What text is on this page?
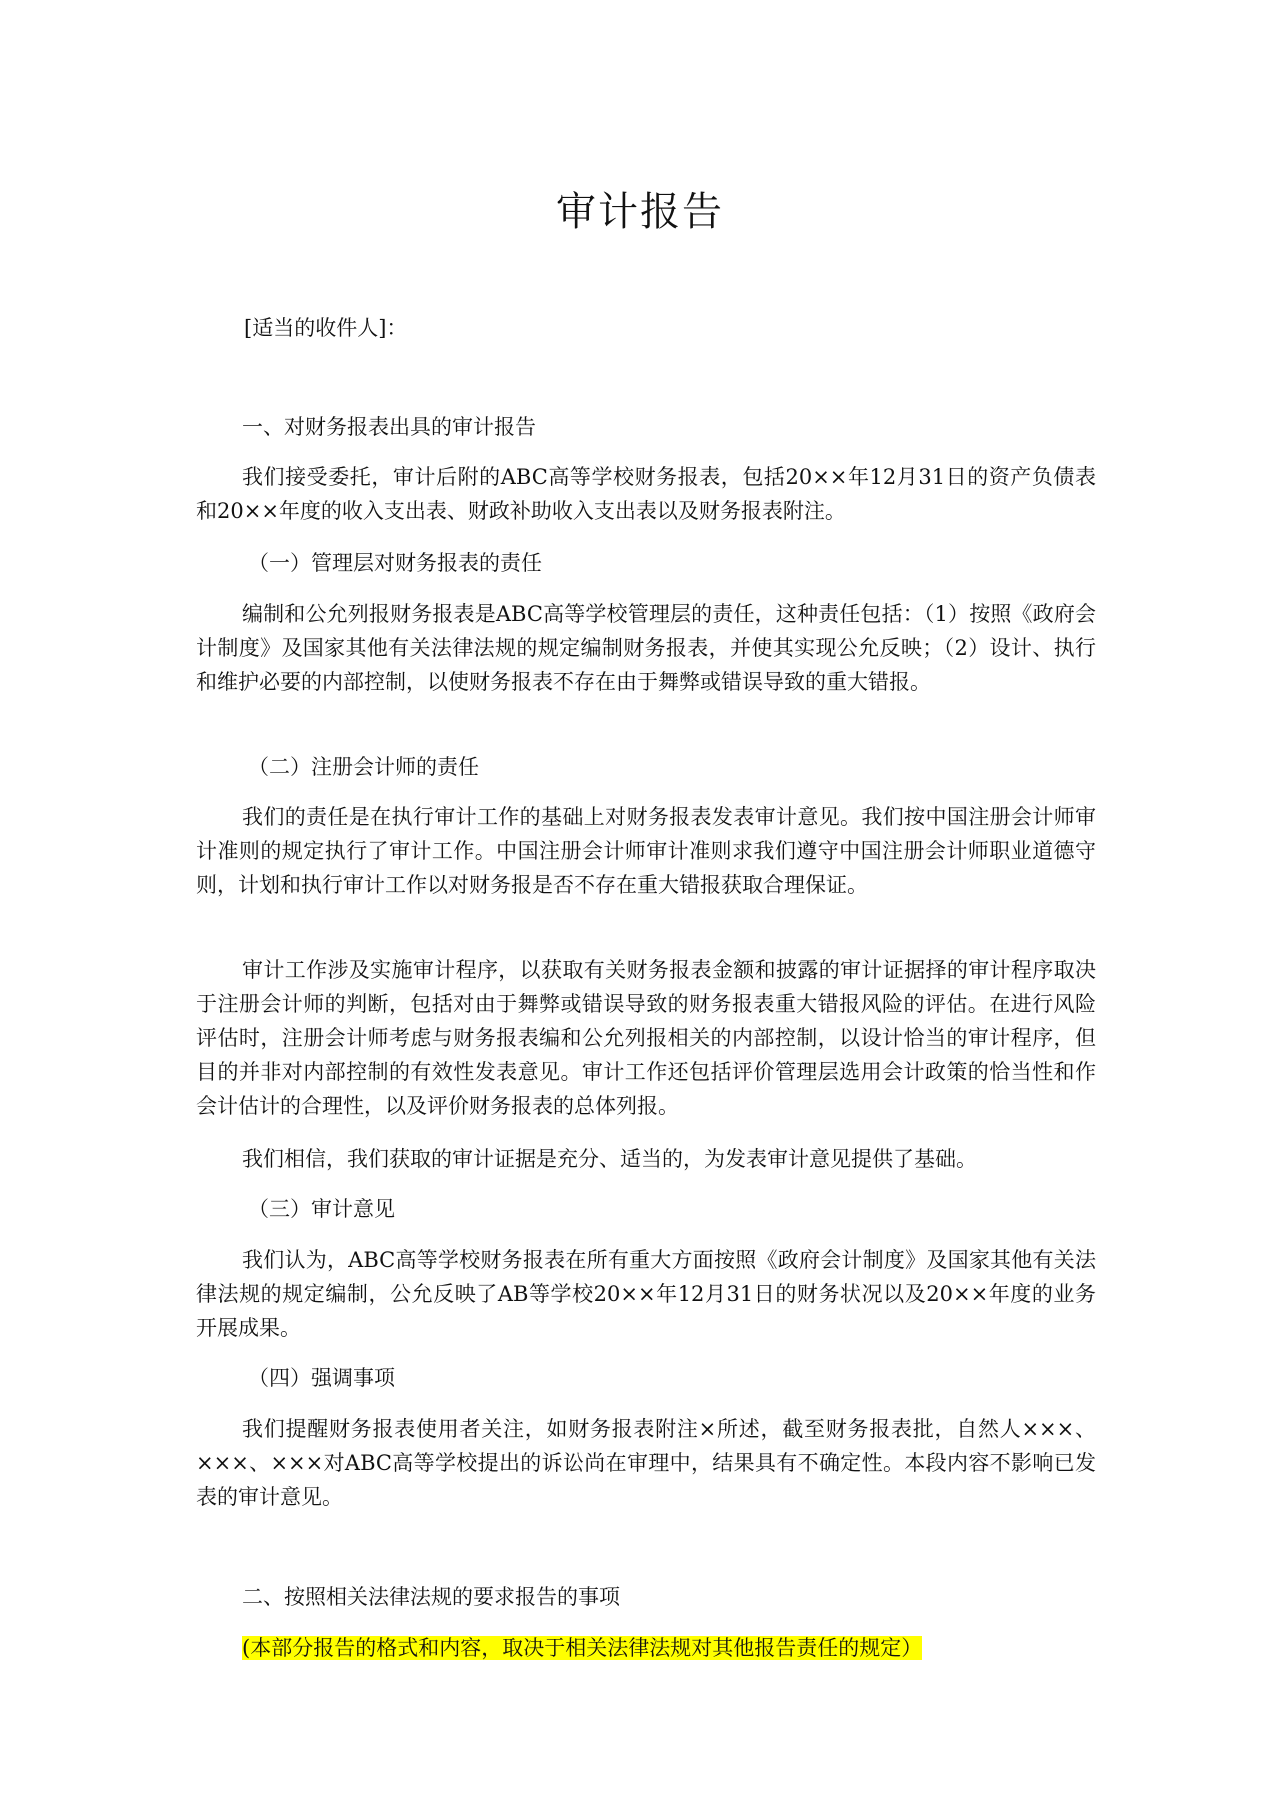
审计报告
[适当的收件人]：
一、对财务报表出具的审计报告

我们接受委托，审计后附的ABC高等学校财务报表，包括20××年12月31日的资产负债表和20××年度的收入支出表、财政补助收入支出表以及财务报表附注。

（一）管理层对财务报表的责任

编制和公允列报财务报表是ABC高等学校管理层的责任，这种责任包括：（1）按照《政府会计制度》及国家其他有关法律法规的规定编制财务报表，并使其实现公允反映；（2）设计、执行和维护必要的内部控制，以使财务报表不存在由于舞弊或错误导致的重大错报。

（二）注册会计师的责任

我们的责任是在执行审计工作的基础上对财务报表发表审计意见。我们按中国注册会计师审计准则的规定执行了审计工作。中国注册会计师审计准则求我们遵守中国注册会计师职业道德守则，计划和执行审计工作以对财务报是否不存在重大错报获取合理保证。

审计工作涉及实施审计程序，以获取有关财务报表金额和披露的审计证据择的审计程序取决于注册会计师的判断，包括对由于舞弊或错误导致的财务报表重大错报风险的评估。在进行风险评估时，注册会计师考虑与财务报表编和公允列报相关的内部控制，以设计恰当的审计程序，但目的并非对内部控制的有效性发表意见。审计工作还包括评价管理层选用会计政策的恰当性和作会计估计的合理性，以及评价财务报表的总体列报。

我们相信，我们获取的审计证据是充分、适当的，为发表审计意见提供了基础。

（三）审计意见

我们认为，ABC高等学校财务报表在所有重大方面按照《政府会计制度》及国家其他有关法律法规的规定编制，公允反映了AB等学校20××年12月31日的财务状况以及20××年度的业务开展成果。

（四）强调事项

我们提醒财务报表使用者关注，如财务报表附注×所述，截至财务报表批，自然人×××、×××、×××对ABC高等学校提出的诉讼尚在审理中，结果具有不确定性。本段内容不影响已发表的审计意见。

二、按照相关法律法规的要求报告的事项
(本部分报告的格式和内容，取决于相关法律法规对其他报告责任的规定）
